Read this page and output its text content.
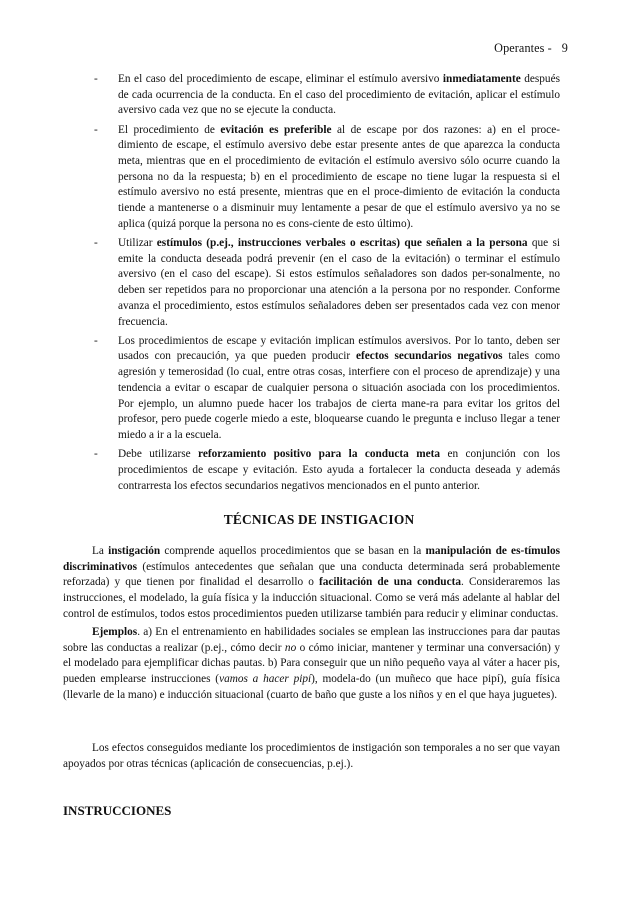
Operantes - 9
- En el caso del procedimiento de escape, eliminar el estímulo aversivo inmediatamente después de cada ocurrencia de la conducta. En el caso del procedimiento de evitación, aplicar el estímulo aversivo cada vez que no se ejecute la conducta.
- El procedimiento de evitación es preferible al de escape por dos razones: a) en el proce-dimiento de escape, el estímulo aversivo debe estar presente antes de que aparezca la conducta meta, mientras que en el procedimiento de evitación el estímulo aversivo sólo ocurre cuando la persona no da la respuesta; b) en el procedimiento de escape no tiene lugar la respuesta si el estímulo aversivo no está presente, mientras que en el proce-dimiento de evitación la conducta tiende a mantenerse o a disminuir muy lentamente a pesar de que el estímulo aversivo ya no se aplica (quizá porque la persona no es cons-ciente de esto último).
- Utilizar estímulos (p.ej., instrucciones verbales o escritas) que señalen a la persona que si emite la conducta deseada podrá prevenir (en el caso de la evitación) o terminar el estímulo aversivo (en el caso del escape). Si estos estímulos señaladores son dados per-sonalmente, no deben ser repetidos para no proporcionar una atención a la persona por no responder. Conforme avanza el procedimiento, estos estímulos señaladores deben ser presentados cada vez con menor frecuencia.
- Los procedimientos de escape y evitación implican estímulos aversivos. Por lo tanto, deben ser usados con precaución, ya que pueden producir efectos secundarios negativos tales como agresión y temerosidad (lo cual, entre otras cosas, interfiere con el proceso de aprendizaje) y una tendencia a evitar o escapar de cualquier persona o situación asociada con los procedimientos. Por ejemplo, un alumno puede hacer los trabajos de cierta mane-ra para evitar los gritos del profesor, pero puede cogerle miedo a este, bloquearse cuando le pregunta e incluso llegar a tener miedo a ir a la escuela.
- Debe utilizarse reforzamiento positivo para la conducta meta en conjunción con los procedimientos de escape y evitación. Esto ayuda a fortalecer la conducta deseada y además contrarresta los efectos secundarios negativos mencionados en el punto anterior.
TÉCNICAS DE INSTIGACION

La instigación comprende aquellos procedimientos que se basan en la manipulación de es-tímulos discriminativos (estímulos antecedentes que señalan que una conducta determinada será probablemente reforzada) y que tienen por finalidad el desarrollo o facilitación de una conducta. Consideraremos las instrucciones, el modelado, la guía física y la inducción situacional. Como se verá más adelante al hablar del control de estímulos, todos estos procedimientos pueden utilizarse también para reducir y eliminar conductas.

Ejemplos. a) En el entrenamiento en habilidades sociales se emplean las instrucciones para dar pautas sobre las conductas a realizar (p.ej., cómo decir no o cómo iniciar, mantener y terminar una conversación) y el modelado para ejemplificar dichas pautas. b) Para conseguir que un niño pequeño vaya al váter a hacer pis, pueden emplearse instrucciones (vamos a hacer pipí), modela-do (un muñeco que hace pipí), guía física (llevarle de la mano) e inducción situacional (cuarto de baño que guste a los niños y en el que haya juguetes).

Los efectos conseguidos mediante los procedimientos de instigación son temporales a no ser que vayan apoyados por otras técnicas (aplicación de consecuencias, p.ej.).

INSTRUCCIONES
